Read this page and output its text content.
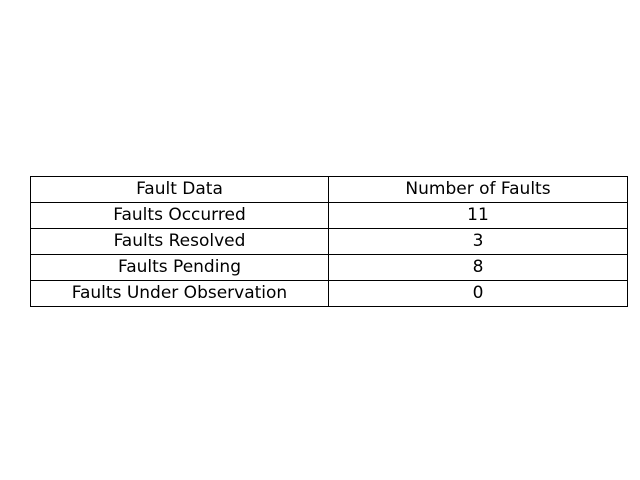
Fault Data	Number of Faults
Faults Occurred	11
Faults Resolved	3
Faults Pending	8
Faults Under Observation	0
